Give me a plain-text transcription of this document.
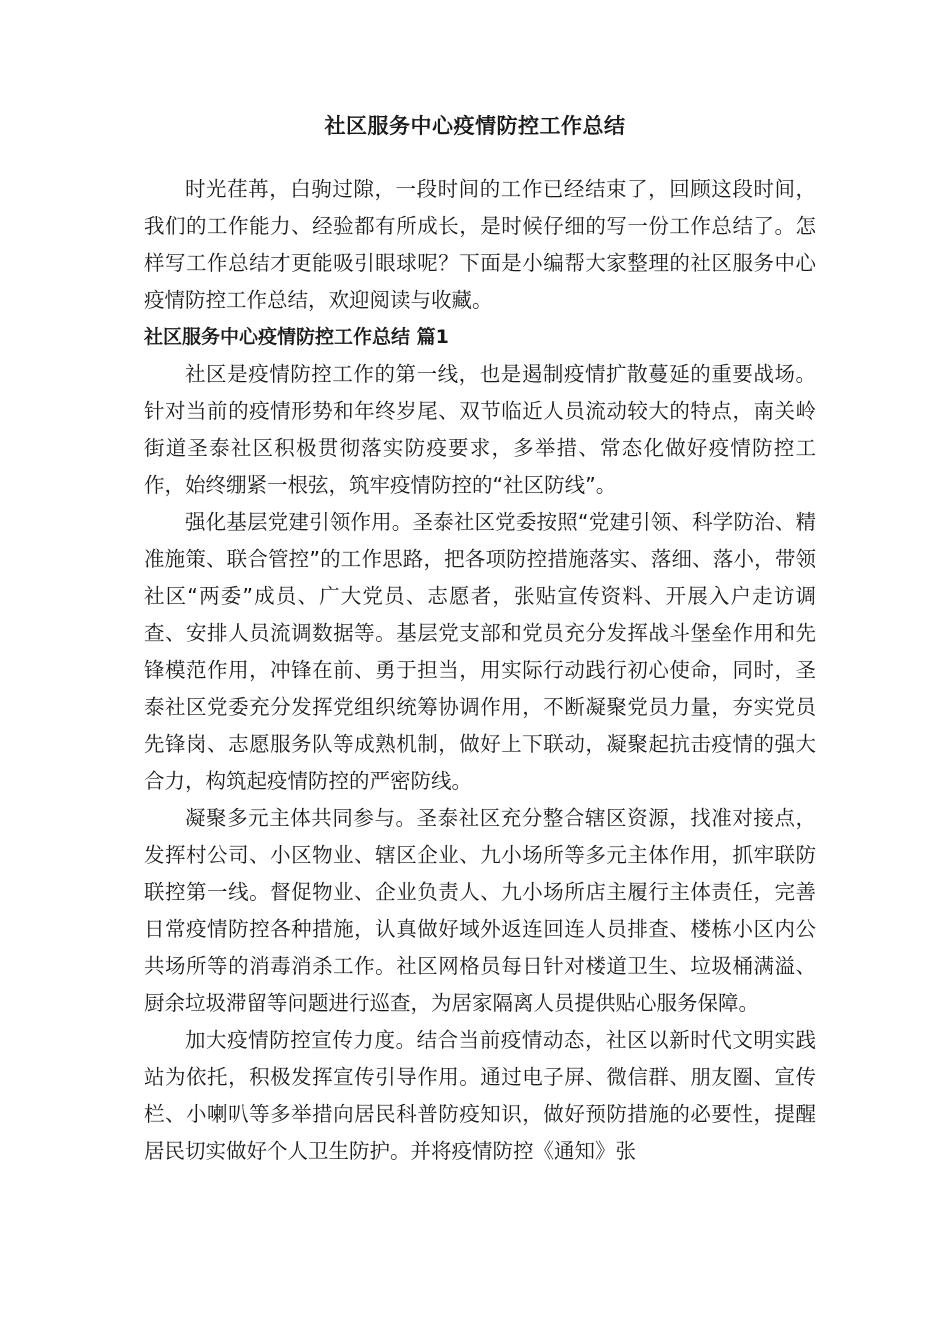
社区服务中心疫情防控工作总结

时光荏苒，白驹过隙，一段时间的工作已经结束了，回顾这段时间，我们的工作能力、经验都有所成长，是时候仔细的写一份工作总结了。怎样写工作总结才更能吸引眼球呢？下面是小编帮大家整理的社区服务中心疫情防控工作总结，欢迎阅读与收藏。

社区服务中心疫情防控工作总结 篇1

社区是疫情防控工作的第一线，也是遏制疫情扩散蔓延的重要战场。针对当前的疫情形势和年终岁尾、双节临近人员流动较大的特点，南关岭街道圣泰社区积极贯彻落实防疫要求，多举措、常态化做好疫情防控工作，始终绷紧一根弦，筑牢疫情防控的“社区防线”。

强化基层党建引领作用。圣泰社区党委按照“党建引领、科学防治、精准施策、联合管控”的工作思路，把各项防控措施落实、落细、落小，带领社区“两委”成员、广大党员、志愿者，张贴宣传资料、开展入户走访调查、安排人员流调数据等。基层党支部和党员充分发挥战斗堡垒作用和先锋模范作用，冲锋在前、勇于担当，用实际行动践行初心使命，同时，圣泰社区党委充分发挥党组织统筹协调作用，不断凝聚党员力量，夯实党员先锋岗、志愿服务队等成熟机制，做好上下联动，凝聚起抗击疫情的强大合力，构筑起疫情防控的严密防线。

凝聚多元主体共同参与。圣泰社区充分整合辖区资源，找准对接点，发挥村公司、小区物业、辖区企业、九小场所等多元主体作用，抓牢联防联控第一线。督促物业、企业负责人、九小场所店主履行主体责任，完善日常疫情防控各种措施，认真做好域外返连回连人员排查、楼栋小区内公共场所等的消毒消杀工作。社区网格员每日针对楼道卫生、垃圾桶满溢、厨余垃圾滞留等问题进行巡查，为居家隔离人员提供贴心服务保障。

加大疫情防控宣传力度。结合当前疫情动态，社区以新时代文明实践站为依托，积极发挥宣传引导作用。通过电子屏、微信群、朋友圈、宣传栏、小喇叭等多举措向居民科普防疫知识，做好预防措施的必要性，提醒居民切实做好个人卫生防护。并将疫情防控《通知》张
